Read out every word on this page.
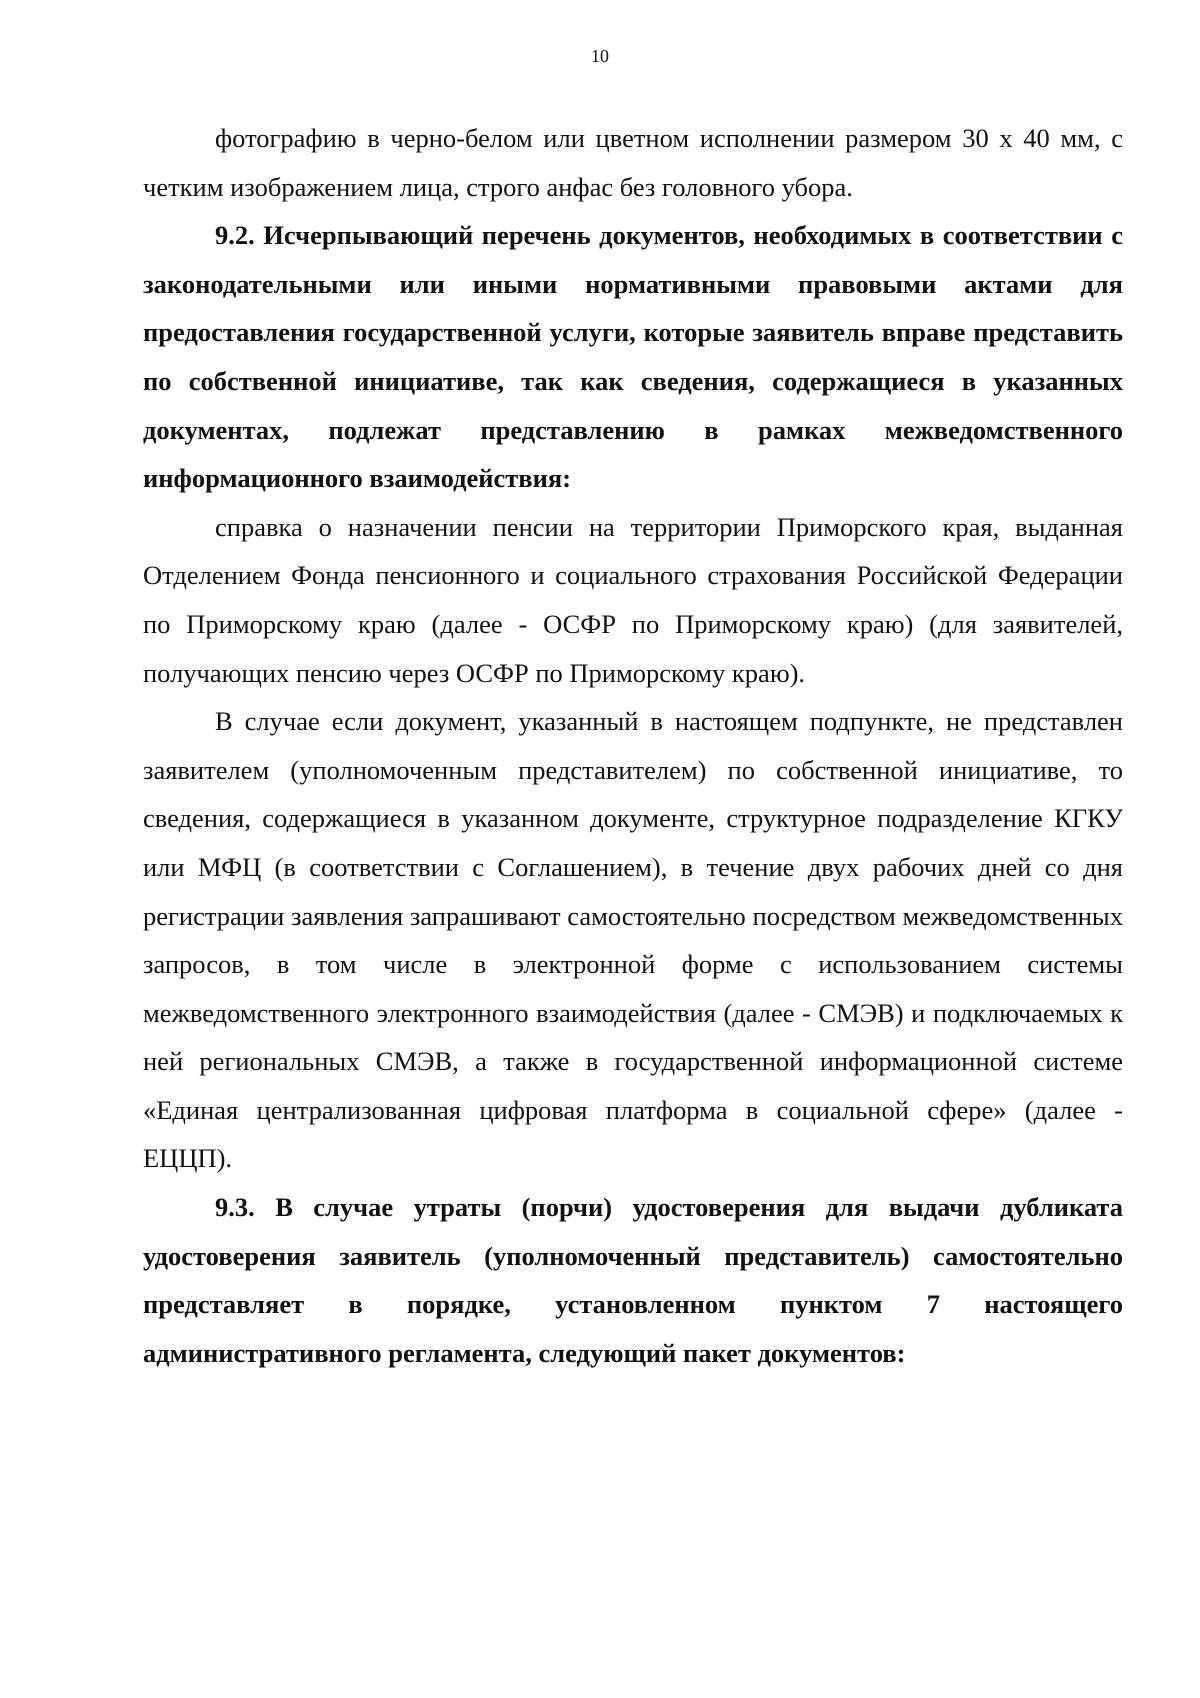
10

фотографию в черно-белом или цветном исполнении размером 30 х 40 мм, с четким изображением лица, строго анфас без головного убора.

9.2. Исчерпывающий перечень документов, необходимых в соответствии с законодательными или иными нормативными правовыми актами для предоставления государственной услуги, которые заявитель вправе представить по собственной инициативе, так как сведения, содержащиеся в указанных документах, подлежат представлению в рамках межведомственного информационного взаимодействия:

справка о назначении пенсии на территории Приморского края, выданная Отделением Фонда пенсионного и социального страхования Российской Федерации по Приморскому краю (далее - ОСФР по Приморскому краю) (для заявителей, получающих пенсию через ОСФР по Приморскому краю).

В случае если документ, указанный в настоящем подпункте, не представлен заявителем (уполномоченным представителем) по собственной инициативе, то сведения, содержащиеся в указанном документе, структурное подразделение КГКУ или МФЦ (в соответствии с Соглашением), в течение двух рабочих дней со дня регистрации заявления запрашивают самостоятельно посредством межведомственных запросов, в том числе в электронной форме с использованием системы межведомственного электронного взаимодействия (далее - СМЭВ) и подключаемых к ней региональных СМЭВ, а также в государственной информационной системе «Единая централизованная цифровая платформа в социальной сфере» (далее - ЕЦЦП).

9.3. В случае утраты (порчи) удостоверения для выдачи дубликата удостоверения заявитель (уполномоченный представитель) самостоятельно представляет в порядке, установленном пунктом 7 настоящего административного регламента, следующий пакет документов:
